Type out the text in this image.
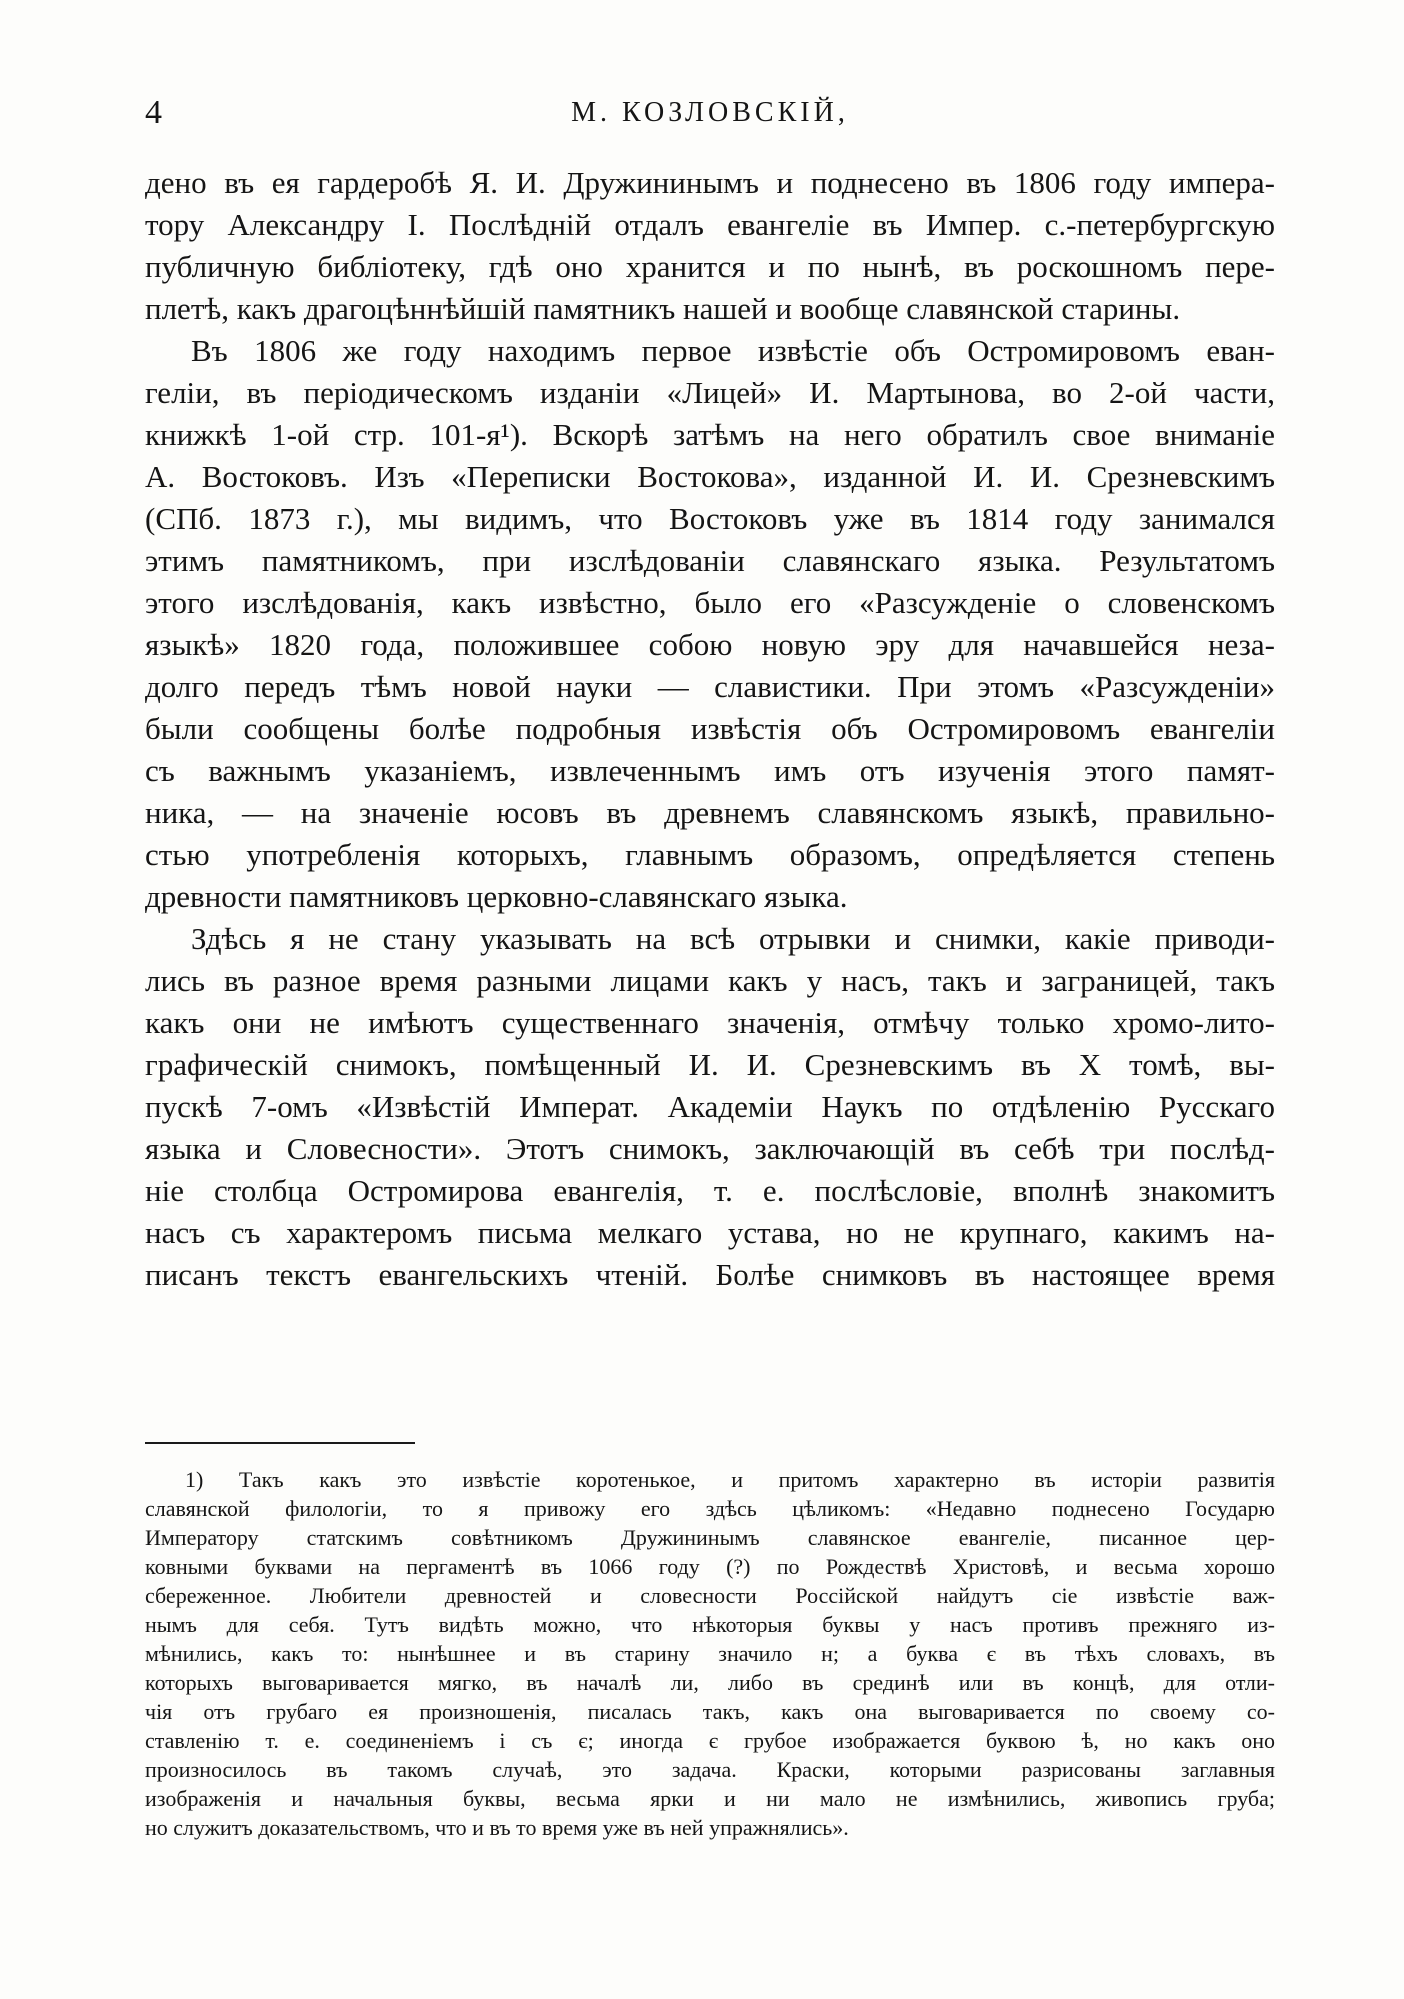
4	М. КОЗЛОВСКІЙ,
дено въ ея гардеробѣ Я. И. Дружининымъ и поднесено въ 1806 году импера-
тору Александру I. Послѣдній отдалъ евангеліе въ Импер. с.-петербургскую
публичную библіотеку, гдѣ оно хранится и по нынѣ, въ роскошномъ пере-
плетѣ, какъ драгоцѣннѣйшій памятникъ нашей и вообще славянской старины.
Въ 1806 же году находимъ первое извѣстіе объ Остромировомъ еван-
геліи, въ періодическомъ изданіи «Лицей» И. Мартынова, во 2-ой части,
книжкѣ 1-ой стр. 101-я¹). Вскорѣ затѣмъ на него обратилъ свое вниманіе
А. Востоковъ. Изъ «Переписки Востокова», изданной И. И. Срезневскимъ
(СПб. 1873 г.), мы видимъ, что Востоковъ уже въ 1814 году занимался
этимъ памятникомъ, при изслѣдованіи славянскаго языка. Результатомъ
этого изслѣдованія, какъ извѣстно, было его «Разсужденіе о словенскомъ
языкѣ» 1820 года, положившее собою новую эру для начавшейся неза-
долго передъ тѣмъ новой науки — славистики. При этомъ «Разсужденіи»
были сообщены болѣе подробныя извѣстія объ Остромировомъ евангеліи
съ важнымъ указаніемъ, извлеченнымъ имъ отъ изученія этого памят-
ника, — на значеніе юсовъ въ древнемъ славянскомъ языкѣ, правильно-
стью употребленія которыхъ, главнымъ образомъ, опредѣляется степень
древности памятниковъ церковно-славянскаго языка.
Здѣсь я не стану указывать на всѣ отрывки и снимки, какіе приводи-
лись въ разное время разными лицами какъ у насъ, такъ и заграницей, такъ
какъ они не имѣютъ существеннаго значенія, отмѣчу только хромо-лито-
графическій снимокъ, помѣщенный И. И. Срезневскимъ въ X томѣ, вы-
пускѣ 7-омъ «Извѣстій Императ. Академіи Наукъ по отдѣленію Русскаго
языка и Словесности». Этотъ снимокъ, заключающій въ себѣ три послѣд-
ніе столбца Остромирова евангелія, т. е. послѣсловіе, вполнѣ знакомитъ
насъ съ характеромъ письма мелкаго устава, но не крупнаго, какимъ на-
писанъ текстъ евангельскихъ чтеній. Болѣе снимковъ въ настоящее время
1) Такъ какъ это извѣстіе коротенькое, и притомъ характерно въ исторіи развитія
славянской филологіи, то я привожу его здѣсь цѣликомъ: «Недавно поднесено Государю
Императору статскимъ совѣтникомъ Дружининымъ славянское евангеліе, писанное цер-
ковными буквами на пергаментѣ въ 1066 году (?) по Рождествѣ Христовѣ, и весьма хорошо
сбереженное. Любители древностей и словесности Россійской найдутъ сіе извѣстіе важ-
нымъ для себя. Тутъ видѣть можно, что нѣкоторыя буквы у насъ противъ прежняго из-
мѣнились, какъ то: нынѣшнее и въ старину значило н; а буква є въ тѣхъ словахъ, въ
которыхъ выговаривается мягко, въ началѣ ли, либо въ срединѣ или въ концѣ, для отли-
чія отъ грубаго ея произношенія, писалась такъ, какъ она выговаривается по своему со-
ставленію т. е. соединеніемъ і съ є; иногда є грубое изображается буквою ѣ, но какъ оно
произносилось въ такомъ случаѣ, это задача. Краски, которыми разрисованы заглавныя
изображенія и начальныя буквы, весьма ярки и ни мало не измѣнились, живопись груба;
но служитъ доказательствомъ, что и въ то время уже въ ней упражнялись».
